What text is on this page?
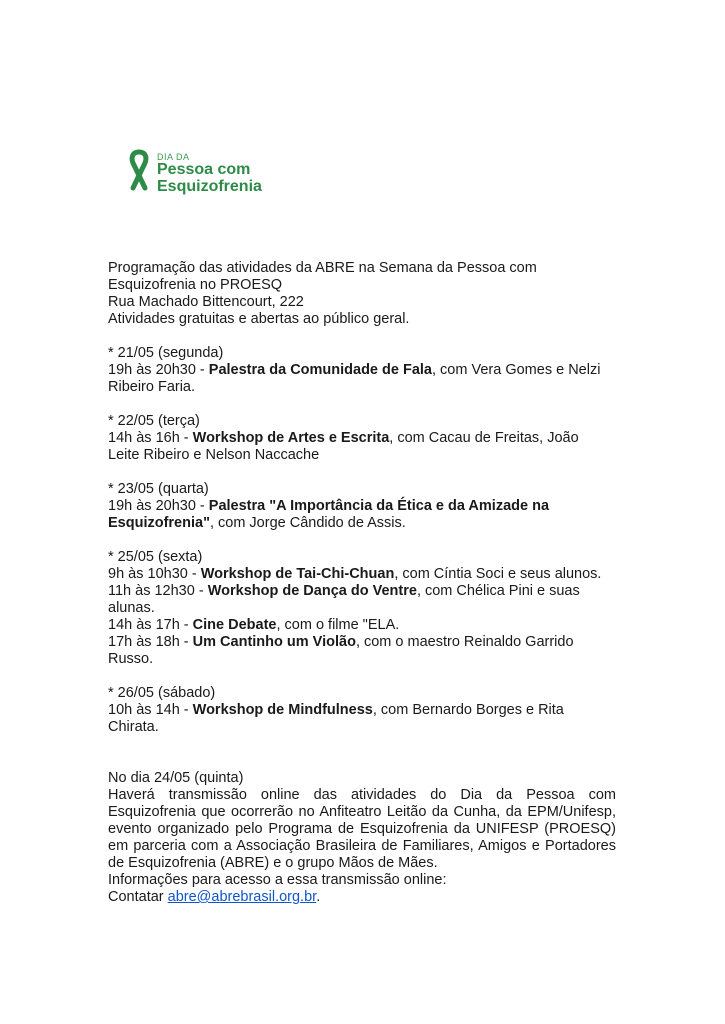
DIA DA
Pessoa com
Esquizofrenia
Programação das atividades da ABRE na Semana da Pessoa com
Esquizofrenia no PROESQ
Rua Machado Bittencourt, 222
Atividades gratuitas e abertas ao público geral.
* 21/05 (segunda)
19h às 20h30 - Palestra da Comunidade de Fala, com Vera Gomes e Nelzi
Ribeiro Faria.
* 22/05 (terça)
14h às 16h - Workshop de Artes e Escrita, com Cacau de Freitas, João
Leite Ribeiro e Nelson Naccache
* 23/05 (quarta)
19h às 20h30 - Palestra "A Importância da Ética e da Amizade na
Esquizofrenia", com Jorge Cândido de Assis.
* 25/05 (sexta)
9h às 10h30 - Workshop de Tai-Chi-Chuan, com Cíntia Soci e seus alunos.
11h às 12h30 - Workshop de Dança do Ventre, com Chélica Pini e suas
alunas.
14h às 17h - Cine Debate, com o filme "ELA.
17h às 18h - Um Cantinho um Violão, com o maestro Reinaldo Garrido
Russo.
* 26/05 (sábado)
10h às 14h - Workshop de Mindfulness, com Bernardo Borges e Rita
Chirata.
No dia 24/05 (quinta)
Haverá transmissão online das atividades do Dia da Pessoa com
Esquizofrenia que ocorrerão no Anfiteatro Leitão da Cunha, da EPM/Unifesp,
evento organizado pelo Programa de Esquizofrenia da UNIFESP (PROESQ)
em parceria com a Associação Brasileira de Familiares, Amigos e Portadores
de Esquizofrenia (ABRE) e o grupo Mãos de Mães.
Informações para acesso a essa transmissão online:
Contatar abre@abrebrasil.org.br.
